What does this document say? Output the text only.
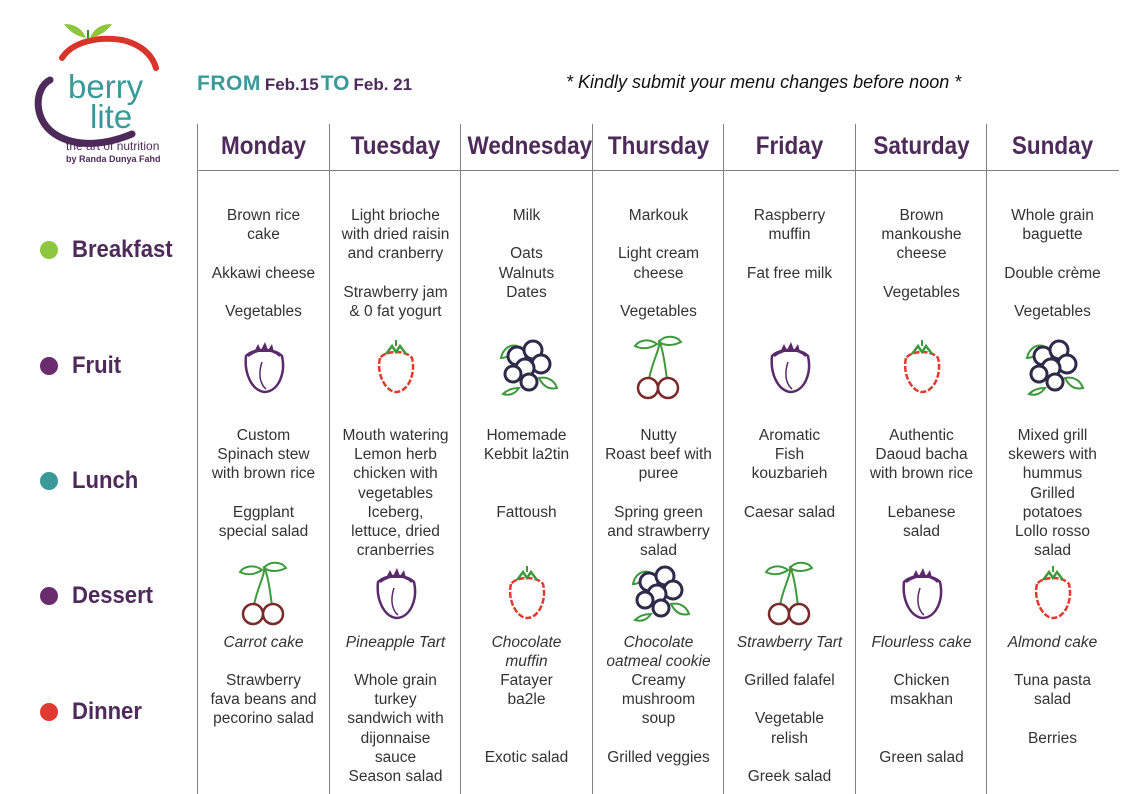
berry
lite
the art of nutrition
by Randa Dunya Fahd
FROM Feb.15 TO Feb. 21	* Kindly submit your menu changes before noon *
Breakfast
Fruit
Lunch
Dessert
Dinner
Monday
Brown rice
cake

Akkawi cheese

Vegetables
Custom
Spinach stew
with brown rice

Eggplant
special salad
Carrot cake
Strawberry
fava beans and
pecorino salad
Tuesday
Light brioche
with dried raisin
and cranberry

Strawberry jam
& 0 fat yogurt
Mouth watering
Lemon herb
chicken with
vegetables
Iceberg,
lettuce, dried
cranberries
Pineapple Tart
Whole grain
turkey
sandwich with
dijonnaise
sauce
Season salad
Wednesday
Milk

Oats
Walnuts
Dates
Homemade
Kebbit la2tin

Fattoush
Chocolate
muffin
Fatayer
ba2le

Exotic salad
Thursday
Markouk

Light cream
cheese

Vegetables
Nutty
Roast beef with
puree

Spring green
and strawberry
salad
Chocolate
oatmeal cookie
Creamy
mushroom
soup

Grilled veggies
Friday
Raspberry
muffin

Fat free milk
Aromatic
Fish
kouzbarieh

Caesar salad
Strawberry Tart
Grilled falafel

Vegetable
relish

Greek salad
Saturday
Brown
mankoushe
cheese

Vegetables
Authentic
Daoud bacha
with brown rice

Lebanese
salad
Flourless cake
Chicken
msakhan

Green salad
Sunday
Whole grain
baguette

Double crème

Vegetables
Mixed grill
skewers with
hummus
Grilled
potatoes
Lollo rosso
salad
Almond cake
Tuna pasta
salad

Berries
